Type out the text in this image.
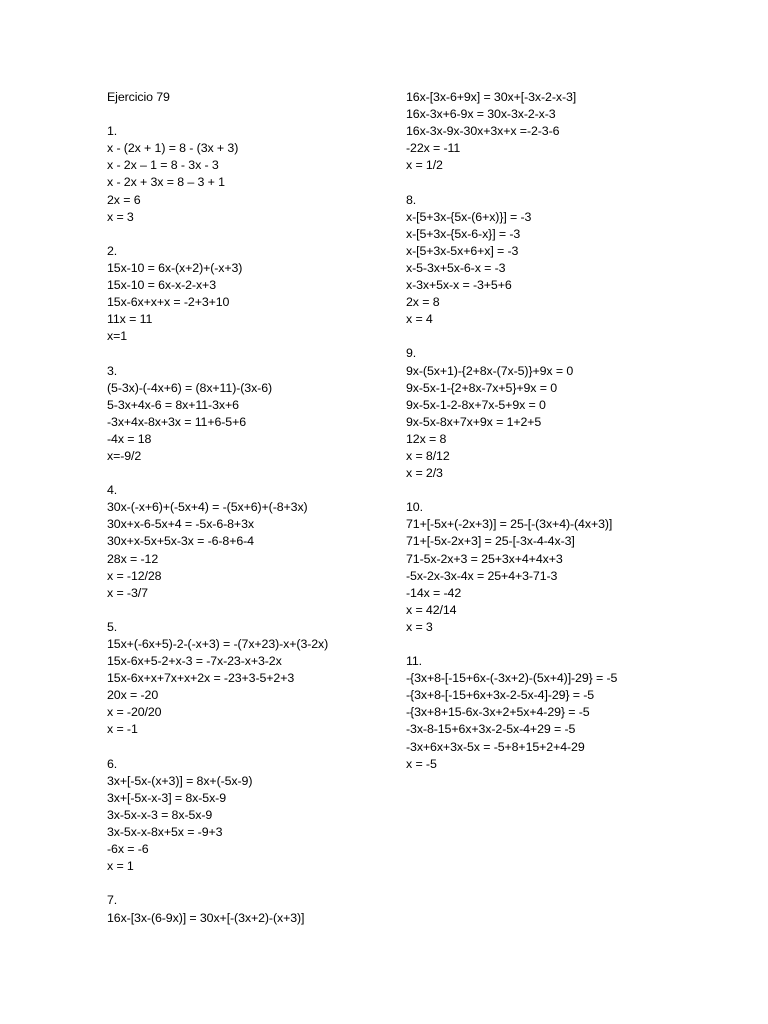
Ejercicio 79
1.
x - (2x + 1) = 8 - (3x + 3)
x - 2x – 1 = 8 - 3x - 3
x - 2x + 3x = 8 – 3 + 1
2x = 6
x = 3
2.
15x-10 = 6x-(x+2)+(-x+3)
15x-10 = 6x-x-2-x+3
15x-6x+x+x = -2+3+10
11x = 11
x=1
3.
(5-3x)-(-4x+6) = (8x+11)-(3x-6)
5-3x+4x-6 = 8x+11-3x+6
-3x+4x-8x+3x = 11+6-5+6
-4x = 18
x=-9/2
4.
30x-(-x+6)+(-5x+4) = -(5x+6)+(-8+3x)
30x+x-6-5x+4 = -5x-6-8+3x
30x+x-5x+5x-3x = -6-8+6-4
28x = -12
x = -12/28
x = -3/7
5.
15x+(-6x+5)-2-(-x+3) = -(7x+23)-x+(3-2x)
15x-6x+5-2+x-3 = -7x-23-x+3-2x
15x-6x+x+7x+x+2x = -23+3-5+2+3
20x = -20
x = -20/20
x = -1
6.
3x+[-5x-(x+3)] = 8x+(-5x-9)
3x+[-5x-x-3] = 8x-5x-9
3x-5x-x-3 = 8x-5x-9
3x-5x-x-8x+5x = -9+3
-6x = -6
x = 1
7.
16x-[3x-(6-9x)] = 30x+[-(3x+2)-(x+3)]
16x-[3x-6+9x] = 30x+[-3x-2-x-3]
16x-3x+6-9x = 30x-3x-2-x-3
16x-3x-9x-30x+3x+x =-2-3-6
-22x = -11
x = 1/2
8.
x-[5+3x-{5x-(6+x)}] = -3
x-[5+3x-{5x-6-x}] = -3
x-[5+3x-5x+6+x] = -3
x-5-3x+5x-6-x = -3
x-3x+5x-x = -3+5+6
2x = 8
x = 4
9.
9x-(5x+1)-{2+8x-(7x-5)}+9x = 0
9x-5x-1-{2+8x-7x+5}+9x = 0
9x-5x-1-2-8x+7x-5+9x = 0
9x-5x-8x+7x+9x = 1+2+5
12x = 8
x = 8/12
x = 2/3
10.
71+[-5x+(-2x+3)] = 25-[-(3x+4)-(4x+3)]
71+[-5x-2x+3] = 25-[-3x-4-4x-3]
71-5x-2x+3 = 25+3x+4+4x+3
-5x-2x-3x-4x = 25+4+3-71-3
-14x = -42
x = 42/14
x = 3
11.
-{3x+8-[-15+6x-(-3x+2)-(5x+4)]-29} = -5
-{3x+8-[-15+6x+3x-2-5x-4]-29} = -5
-{3x+8+15-6x-3x+2+5x+4-29} = -5
-3x-8-15+6x+3x-2-5x-4+29 = -5
-3x+6x+3x-5x = -5+8+15+2+4-29
x = -5
